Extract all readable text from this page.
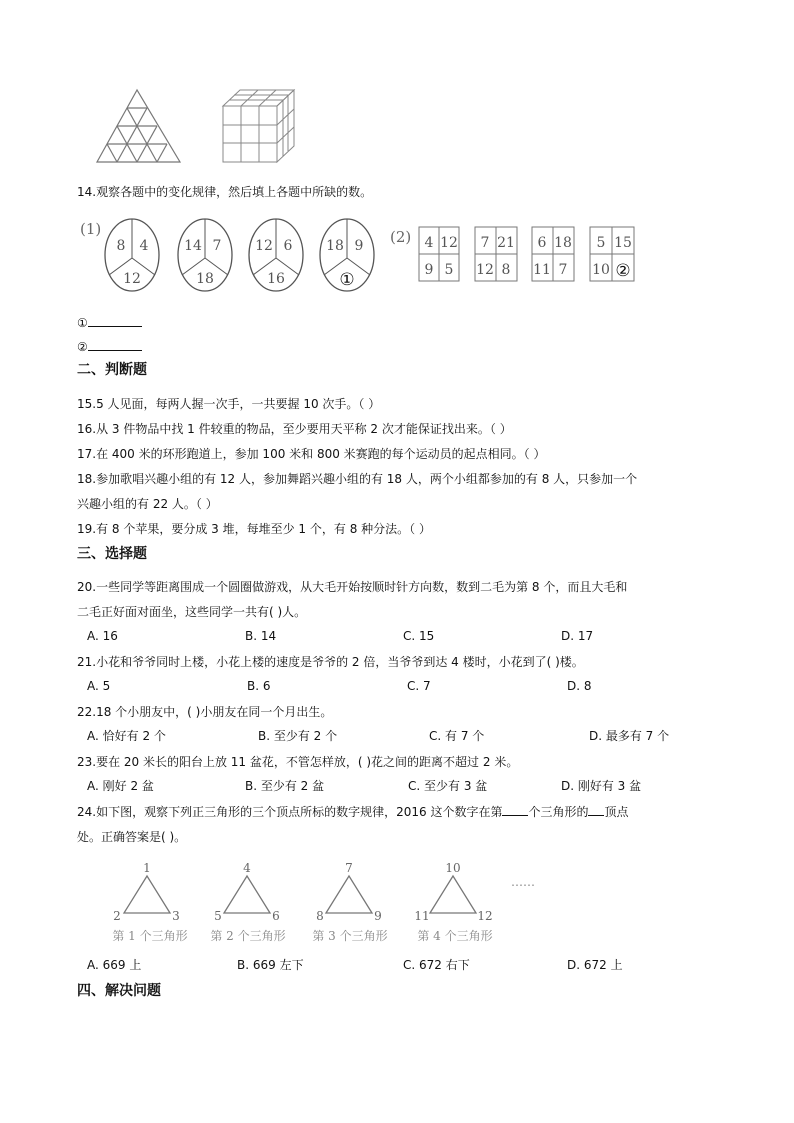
14.观察各题中的变化规律，然后填上各题中所缺的数。
(1)
8 4
12
14 7
18
12 6
16
18 9
①
(2) 4 12
9 5
7 21
12 8
6 18
11 7
5 15
10 ②
①
②
二、判断题
15.5 人见面，每两人握一次手，一共要握 10 次手。（ ）
16.从 3 件物品中找 1 件较重的物品，至少要用天平称 2 次才能保证找出来。（ ）
17.在 400 米的环形跑道上，参加 100 米和 800 米赛跑的每个运动员的起点相同。（ ）
18.参加歌唱兴趣小组的有 12 人，参加舞蹈兴趣小组的有 18 人，两个小组都参加的有 8 人，只参加一个
兴趣小组的有 22 人。（ ）
19.有 8 个苹果，要分成 3 堆，每堆至少 1 个，有 8 种分法。（ ）
三、选择题
20.一些同学等距离围成一个圆圈做游戏，从大毛开始按顺时针方向数，数到二毛为第 8 个，而且大毛和
二毛正好面对面坐，这些同学一共有( )人。
A. 16	B. 14	C. 15	D. 17
21.小花和爷爷同时上楼，小花上楼的速度是爷爷的 2 倍，当爷爷到达 4 楼时，小花到了( )楼。
A. 5	B. 6	C. 7	D. 8
22.18 个小朋友中，( )小朋友在同一个月出生。
A. 恰好有 2 个	B. 至少有 2 个	C. 有 7 个	D. 最多有 7 个
23.要在 20 米长的阳台上放 11 盆花，不管怎样放，( )花之间的距离不超过 2 米。
A. 刚好 2 盆	B. 至少有 2 盆	C. 至少有 3 盆	D. 刚好有 3 盆
24.如下图，观察下列正三角形的三个顶点所标的数字规律，2016 这个数字在第 个三角形的 顶点
处。正确答案是( )。
1
2	3
第 1 个三角形
4
5	6
第 2 个三角形
7
8	9
第 3 个三角形
10
11	12
第 4 个三角形
……
A. 669 上	B. 669 左下	C. 672 右下	D. 672 上
四、解决问题
